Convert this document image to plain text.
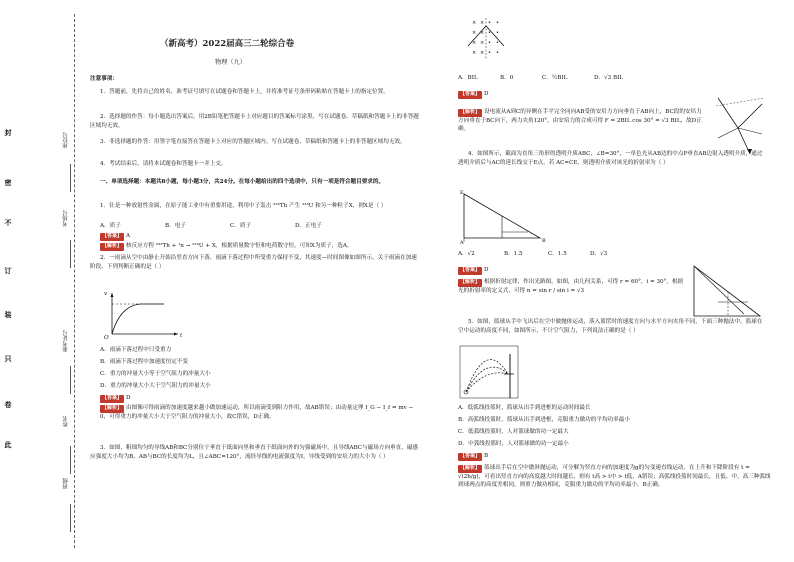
封
密
不
订
装
只
卷
此
座位号
考场号
准考证号
姓名
班级
（新高考）2022届高三二轮综合卷
物理（九）
注意事项：
1．答题前，先将自己的姓名、准考证号填写在试题卷和答题卡上，并将准考证号条形码粘贴在答题卡上的指定位置。
2．选择题的作答：每小题选出答案后，用2B铅笔把答题卡上对应题目的答案标号涂黑，写在试题卷、草稿纸和答题卡上的非答题区域均无效。
3．非选择题的作答：用签字笔直接答在答题卡上对应的答题区域内。写在试题卷、草稿纸和答题卡上的非答题区域均无效。
4．考试结束后，请将本试题卷和答题卡一并上交。
一、单项选择题：本题共8小题，每小题3分，共24分。在每小题给出的四个选项中，只有一项是符合题目要求的。
1．钍是一种放射性金属，在原子能工业中有重要用途，利用中子轰击 ²³²Th 产生 ²³³U 和另一种粒子X，则X是（ ）
A．质子	B．电子	C．质子	D．正电子
【答案】 A
【解析】 核反应方程 ²³²Th + ¹n → ²³³U + X，根据质量数守恒和电荷数守恒，可知X为质子，选A。
2．一雨滴从空中由静止开始沿竖直方向下落，雨滴下落过程中所受重力保持不变，其速度—时间图像如图所示，关于雨滴在加速阶段，下列判断正确的是（ ）
v
t
O
A．雨滴下落过程中只受重力
B．雨滴下落过程中加速度恒定不变
C．重力的冲量大小等于空气阻力的冲量大小
D．重力的冲量大小大于空气阻力的冲量大小
【答案】 D
【解析】 由图像可得雨滴的加速度越来越小做加速运动，所以雨滴受到阻力作用，故AB错误；由动量定理 I_G − I_f = mv − 0，可得重力的冲量大小大于空气阻力的冲量大小，故C错误，D正确。
3．如图，粗细均匀的导线AB和BC分别位于垂直于纸面向里和垂直于纸面向外的匀强磁场中，且导线ABC与磁场方向垂直，磁感应强度大小均为B，AB与BC的长度均为L，且∠ABC=120°，流经导线的电流强度为I，导线受到的安培力的大小为（ ）
× × • •
× × • •
× × • •
× × • •
A．BIL	B．0	C．½BIL	D．√3 BIL
【答案】 D
【解析】 设电流从A到C的异侧在手平完全同向AB受的安培力方向垂直于AB向上，BC段的安培力方向垂直于BC向下，两力夹角120°，由安培力的合成可得 F = 2BIL cos 30° = √3 BIL，故D正确。
4．如图所示，截面为直角三角形的透明介质ABC，∠B=30°，一单色光从AB边的中点P垂直AB边射入透明介质，通过透明介质后与AC的延长线交于E点，若 AC=CE，则透明介质对该光的折射率为（ ）
E
A	B
A．√2	B．1.5	C．1.5	D．√3
【答案】 D
【解析】 根据折射定律，作出光路图，如图，由几何关系，可得 r = 60°，i = 30°，根据光的折射率的定义式，可得 n = sin r / sin i = √3
5．如图，篮球从手中飞出后在空中做抛体运动，落入篮筐时的速度方向与水平方向夹角不同，下面三种抛法中，篮球在空中运动的高度不同，如图所示，不计空气阻力，下列说法正确的是（ ）
A．低弧线投篮时，篮球从出手到进框的运动时间最长
B．高弧线投篮时，篮球从出手到进框，克服重力做功的平均功率最小
C．低弧线投篮时，人对篮球做的功一定最大
D．中弧线投篮时，人对篮球做的功一定最小
【答案】 B
【解析】 篮球出手后在空中做斜抛运动，可分解为竖直方向的加速度为g的匀变速直线运动，在上升和下降阶段有 t = √(2h/g)，可看出竖直方向的高度越大时间越长，则有 t高 > t中 > t低，A错误；高弧线投篮时间最长，且低、中、高三种弧线到球两点的高度差相同，则重力做功相同，克服重力做功的平均功率最小，B正确。
